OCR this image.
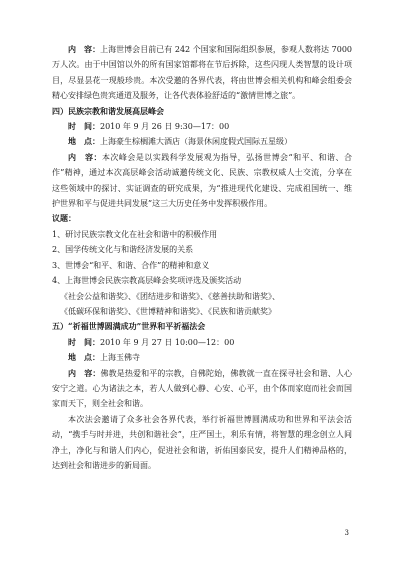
内　容：上海世博会目前已有 242 个国家和国际组织参展，参观人数将达 7000 万人次。由于中国馆以外的所有国家馆都将在节后拆除，这些闪现人类智慧的设计项目，尽显昙花一现般珍贵。本次受邀的各界代表，将由世博会相关机构和峰会组委会精心安排绿色贵宾通道及服务，让各代表体验舒适的“激情世博之旅”。

四）民族宗教和谐发展高层峰会

时　间：2010 年 9 月 26 日 9:30—17：00

地　点：上海豪生棕榈滩大酒店（海景休闲度假式国际五星级）

内　容：本次峰会是以实践科学发展观为指导，弘扬世博会“和平、和谐、合作”精神，通过本次高层峰会活动诚邀传统文化、民族、宗教权威人士交流，分享在这些领域中的探讨、实证调查的研究成果，为“推进现代化建设、完成祖国统一、维护世界和平与促进共同发展”这三大历史任务中发挥积极作用。

议题：

1、研讨民族宗教文化在社会和谐中的积极作用

2、国学传统文化与和谐经济发展的关系

3、世博会“和平、和谐、合作”的精神和意义

4、上海世博会民族宗教高层峰会奖项评选及颁奖活动

《社会公益和谐奖》、《团结进步和谐奖》、《慈善扶助和谐奖》、

《低碳环保和谐奖》、《世博精神和谐奖》、《民族和谐贡献奖》

五）“祈福世博圆满成功”世界和平祈福法会

时　间：2010 年 9 月 27 日 10:00—12：00

地　点：上海玉佛寺

内　容：佛教是热爱和平的宗教，自佛陀始，佛教就一直在探寻社会和谐、人心安宁之道。心为诸法之本，若人人做到心静、心安、心平，由个体而家庭而社会而国家而天下，则全社会和谐。

本次法会邀请了众多社会各界代表，举行祈福世博圆满成功和世界和平法会活动，“携手与时并进，共创和谐社会”，庄严国土，利乐有情，将智慧的理念创立人间净土，净化与和谐人们内心，促进社会和谐，祈佑国泰民安，提升人们精神品格的，达到社会和谐进步的新局面。

3
